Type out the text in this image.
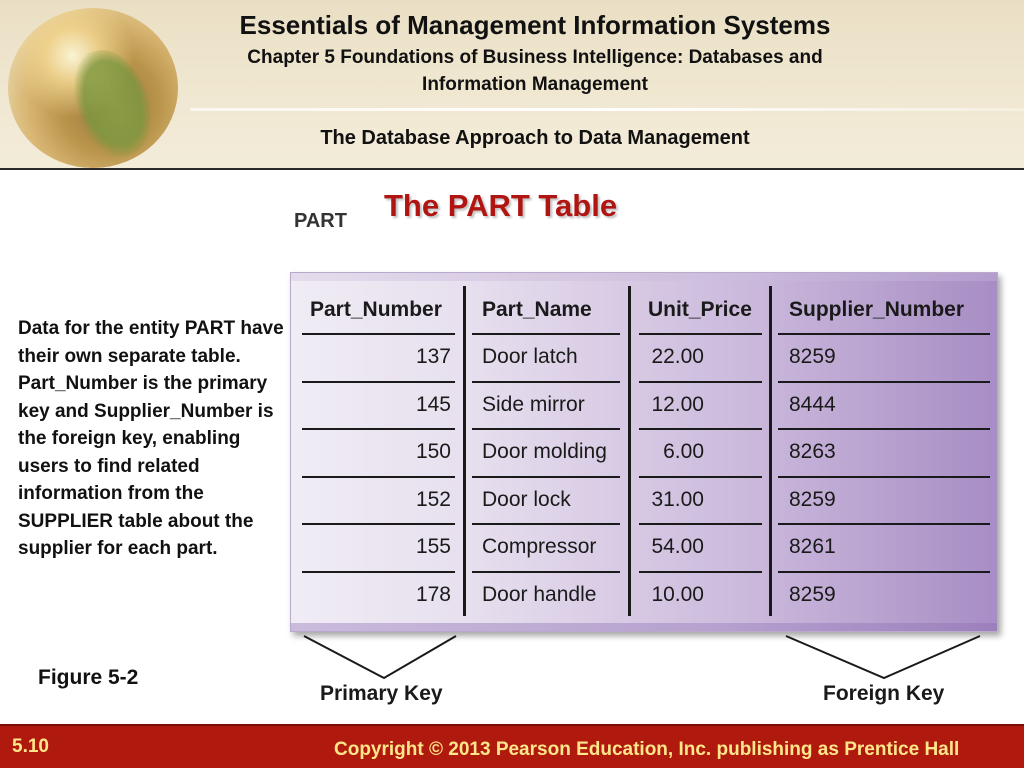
Essentials of Management Information Systems
Chapter 5 Foundations of Business Intelligence: Databases and
Information Management
The Database Approach to Data Management
The PART Table
PART
Data for the entity PART have their own separate table. Part_Number is the primary key and Supplier_Number is the foreign key, enabling users to find related information from the SUPPLIER table about the supplier for each part.
Figure 5-2
Part_Number Part_Name	Unit_Price Supplier_Number
137 Door latch	22.00	8259
145 Side mirror	12.00	8444
150 Door molding	6.00	8263
152 Door lock	31.00	8259
155 Compressor	54.00	8261
178 Door handle	10.00	8259
Primary Key	Foreign Key
5.10	Copyright © 2013 Pearson Education, Inc. publishing as Prentice Hall
